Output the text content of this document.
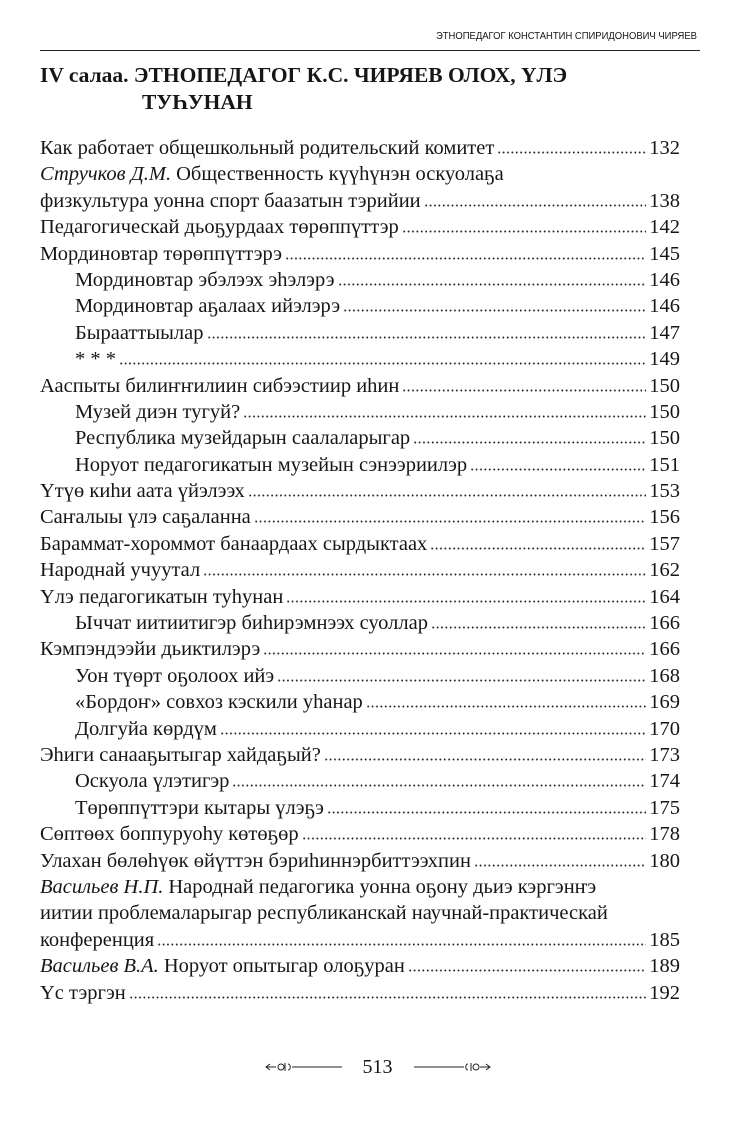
ЭТНОПЕДАГОГ КОНСТАНТИН СПИРИДОНОВИЧ ЧИРЯЕВ
IV салаа. ЭТНОПЕДАГОГ К.С. ЧИРЯЕВ ОЛОХ, ҮЛЭ
ТУҺУНАН
Как работает общешкольный родительский комитет	132
Стручков Д.М. Общественность күүһүнэн оскуолаҕа
физкультура уонна спорт баазатын тэрийии	138
Педагогическай дьоҕурдаах төрөппүттэр	142
Мординовтар төрөппүттэрэ	145
Мординовтар эбэлээх эһэлэрэ	146
Мординовтар аҕалаах ийэлэрэ	146
Бырааттыылар	147
* * *	149
Ааспыты билиҥҥилиин сибээстиир иһин	150
Музей диэн тугуй?	150
Республика музейдарын саалаларыгар	150
Норуот педагогикатын музейын сэнээриилэр	151
Үтүө киһи аата үйэлээх	153
Саҥалыы үлэ саҕаланна	156
Бараммат-хороммот банаардаах сырдыктаах	157
Народнай учуутал	162
Үлэ педагогикатын туһунан	164
Ыччат иитиитигэр биһирэмнээх суоллар	166
Кэмпэндээйи дьиктилэрэ	166
Уон түөрт оҕолоох ийэ	168
«Бордоҥ» совхоз кэскили уһанар	169
Долгуйа көрдүм	170
Эһиги санааҕытыгар хайдаҕый?	173
Оскуола үлэтигэр	174
Төрөппүттэри кытары үлэҕэ	175
Сөптөөх боппуруоһу көтөҕөр	178
Улахан бөлөһүөк өйүттэн бэриһиннэрбиттээхпин	180
Васильев Н.П. Народнай педагогика уонна оҕону дьиэ кэргэнҥэ
иитии проблемаларыгар республиканскай научнай-практическай
конференция	185
Васильев В.А. Норуот опытыгар олоҕуран	189
Үс тэргэн	192
513
